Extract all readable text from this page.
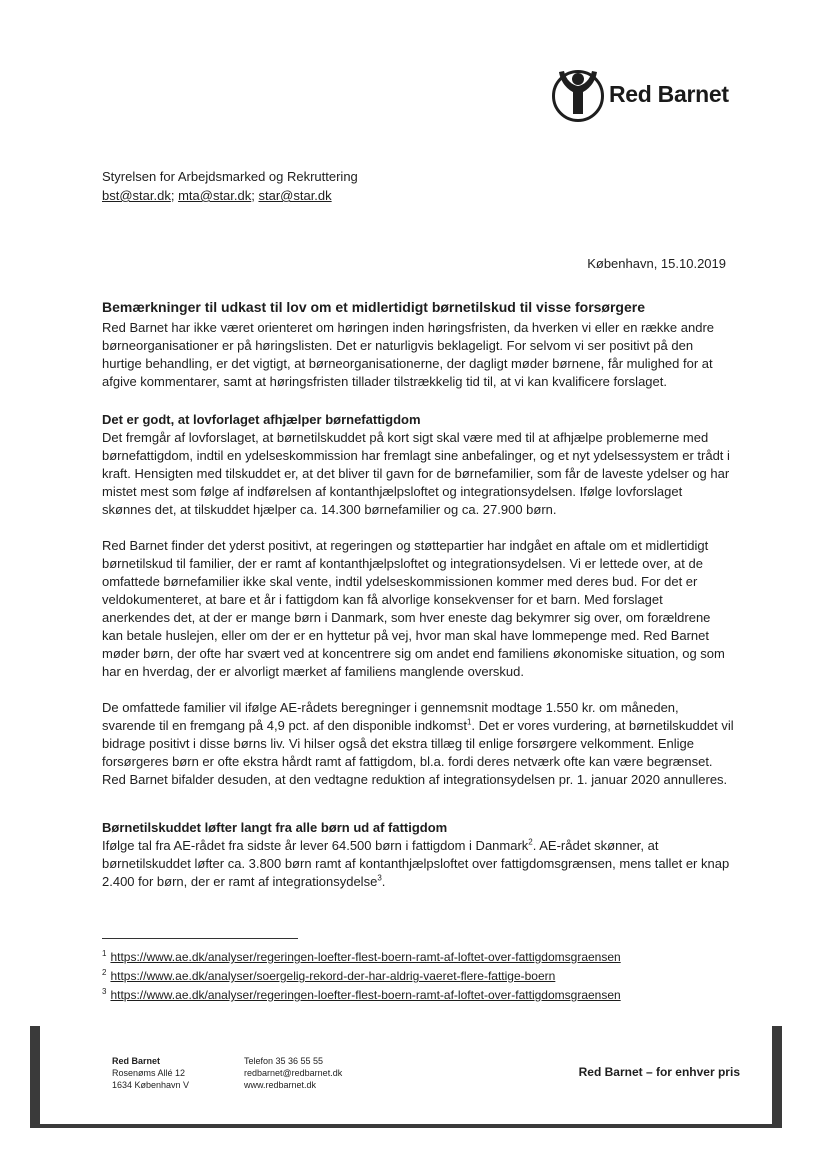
Red Barnet
Styrelsen for Arbejdsmarked og Rekruttering
bst@star.dk; mta@star.dk; star@star.dk
København, 15.10.2019
Bemærkninger til udkast til lov om et midlertidigt børnetilskud til visse forsørgere

Red Barnet har ikke været orienteret om høringen inden høringsfristen, da hverken vi eller en række andre børneorganisationer er på høringslisten. Det er naturligvis beklageligt. For selvom vi ser positivt på den hurtige behandling, er det vigtigt, at børneorganisationerne, der dagligt møder børnene, får mulighed for at afgive kommentarer, samt at høringsfristen tillader tilstrækkelig tid til, at vi kan kvalificere forslaget.

Det er godt, at lovforlaget afhjælper børnefattigdom

Det fremgår af lovforslaget, at børnetilskuddet på kort sigt skal være med til at afhjælpe problemerne med børnefattigdom, indtil en ydelseskommission har fremlagt sine anbefalinger, og et nyt ydelsessystem er trådt i kraft. Hensigten med tilskuddet er, at det bliver til gavn for de børnefamilier, som får de laveste ydelser og har mistet mest som følge af indførelsen af kontanthjælpsloftet og integrationsydelsen. Ifølge lovforslaget skønnes det, at tilskuddet hjælper ca. 14.300 børnefamilier og ca. 27.900 børn.

Red Barnet finder det yderst positivt, at regeringen og støttepartier har indgået en aftale om et midlertidigt børnetilskud til familier, der er ramt af kontanthjælpsloftet og integrationsydelsen. Vi er lettede over, at de omfattede børnefamilier ikke skal vente, indtil ydelseskommissionen kommer med deres bud. For det er veldokumenteret, at bare et år i fattigdom kan få alvorlige konsekvenser for et barn. Med forslaget anerkendes det, at der er mange børn i Danmark, som hver eneste dag bekymrer sig over, om forældrene kan betale huslejen, eller om der er en hyttetur på vej, hvor man skal have lommepenge med. Red Barnet møder børn, der ofte har svært ved at koncentrere sig om andet end familiens økonomiske situation, og som har en hverdag, der er alvorligt mærket af familiens manglende overskud.

De omfattede familier vil ifølge AE-rådets beregninger i gennemsnit modtage 1.550 kr. om måneden, svarende til en fremgang på 4,9 pct. af den disponible indkomst$^1$. Det er vores vurdering, at børnetilskuddet vil bidrage positivt i disse børns liv. Vi hilser også det ekstra tillæg til enlige forsørgere velkomment. Enlige forsørgeres børn er ofte ekstra hårdt ramt af fattigdom, bl.a. fordi deres netværk ofte kan være begrænset. Red Barnet bifalder desuden, at den vedtagne reduktion af integrationsydelsen pr. 1. januar 2020 annulleres.

Børnetilskuddet løfter langt fra alle børn ud af fattigdom

Ifølge tal fra AE-rådet fra sidste år lever 64.500 børn i fattigdom i Danmark$^2$. AE-rådet skønner, at børnetilskuddet løfter ca. 3.800 børn ramt af kontanthjælpsloftet over fattigdomsgrænsen, mens tallet er knap 2.400 for børn, der er ramt af integrationsydelse$^3$.

$^1$ https://www.ae.dk/analyser/regeringen-loefter-flest-boern-ramt-af-loftet-over-fattigdomsgraensen
$^2$ https://www.ae.dk/analyser/soergelig-rekord-der-har-aldrig-vaeret-flere-fattige-boern
$^3$ https://www.ae.dk/analyser/regeringen-loefter-flest-boern-ramt-af-loftet-over-fattigdomsgraensen
Red Barnet
Rosenøms Allé 12
1634 København V
Telefon 35 36 55 55
redbarnet@redbarnet.dk
www.redbarnet.dk
Red Barnet – for enhver pris
